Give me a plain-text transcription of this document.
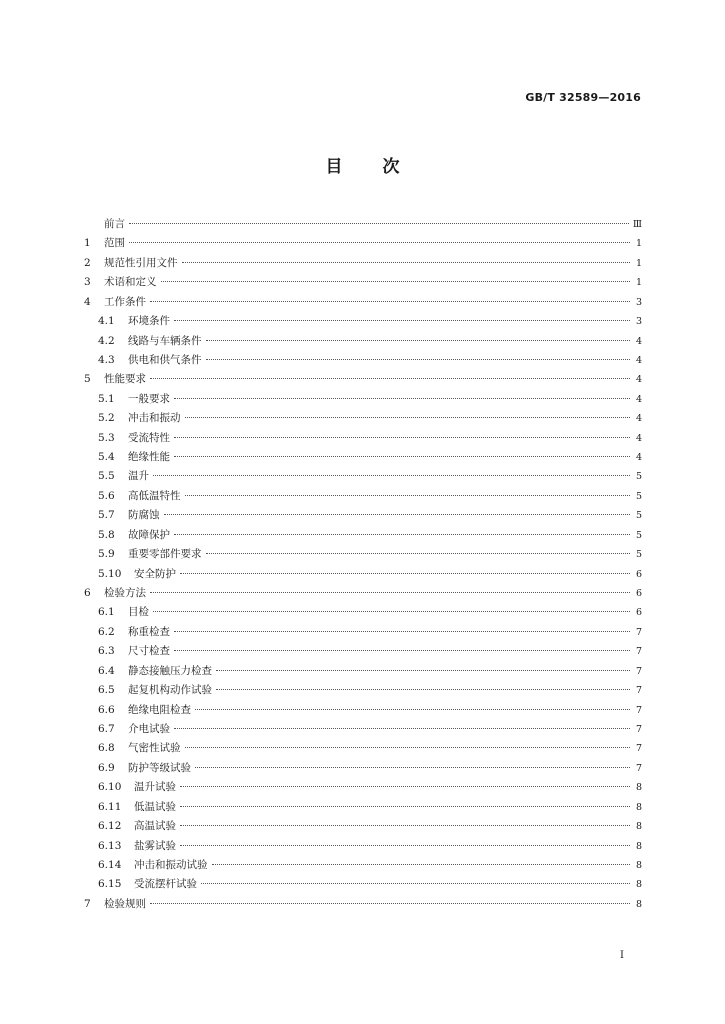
GB/T 32589—2016
目次
前言	Ⅲ
1	范围	1
2	规范性引用文件	1
3	术语和定义	1
4	工作条件	3
4.1	环境条件	3
4.2	线路与车辆条件	4
4.3	供电和供气条件	4
5	性能要求	4
5.1	一般要求	4
5.2	冲击和振动	4
5.3	受流特性	4
5.4	绝缘性能	4
5.5	温升	5
5.6	高低温特性	5
5.7	防腐蚀	5
5.8	故障保护	5
5.9	重要零部件要求	5
5.10	安全防护	6
6	检验方法	6
6.1	目检	6
6.2	称重检查	7
6.3	尺寸检查	7
6.4	静态接触压力检查	7
6.5	起复机构动作试验	7
6.6	绝缘电阻检查	7
6.7	介电试验	7
6.8	气密性试验	7
6.9	防护等级试验	7
6.10	温升试验	8
6.11	低温试验	8
6.12	高温试验	8
6.13	盐雾试验	8
6.14	冲击和振动试验	8
6.15	受流摆杆试验	8
7	检验规则	8
I
